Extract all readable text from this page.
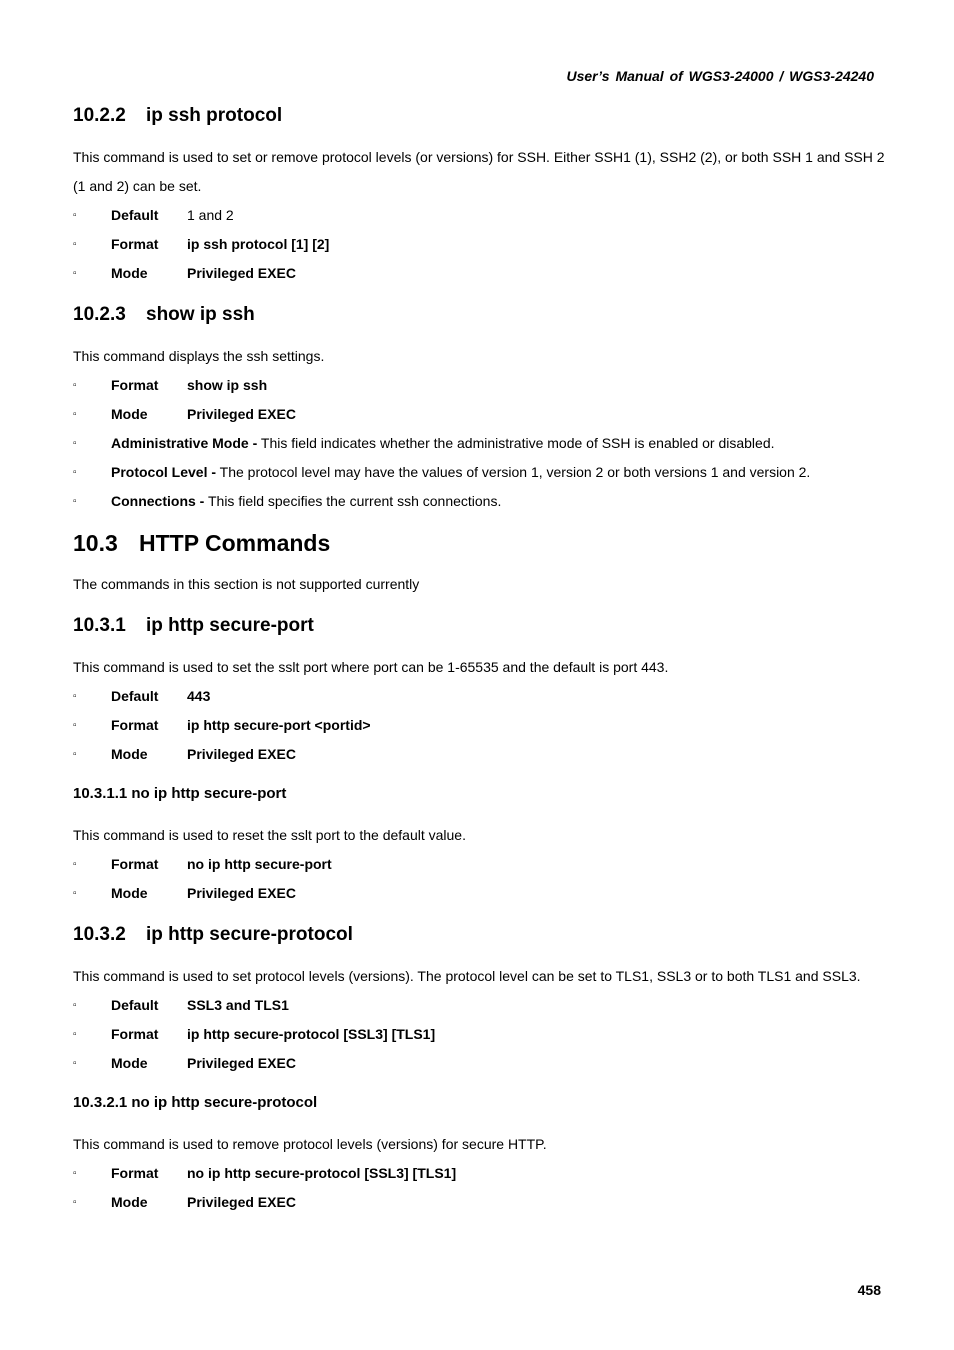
User’s Manual of WGS3-24000 / WGS3-24240
10.2.2 ip ssh protocol

This command is used to set or remove protocol levels (or versions) for SSH. Either SSH1 (1), SSH2 (2), or both SSH 1 and SSH 2 (1 and 2) can be set.

▫ Default 1 and 2
▫ Format ip ssh protocol [1] [2]
▫ Mode	Privileged EXEC
10.2.3 show ip ssh

This command displays the ssh settings.

▫ Format show ip ssh
▫ Mode	Privileged EXEC
▫ Administrative Mode - This field indicates whether the administrative mode of SSH is enabled or disabled.
▫ Protocol Level - The protocol level may have the values of version 1, version 2 or both versions 1 and version 2.
▫ Connections - This field specifies the current ssh connections.
10.3 HTTP Commands

The commands in this section is not supported currently

10.3.1 ip http secure-port

This command is used to set the sslt port where port can be 1-65535 and the default is port 443.

▫ Default 443
▫ Format ip http secure-port <portid>
▫ Mode	Privileged EXEC
10.3.1.1 no ip http secure-port

This command is used to reset the sslt port to the default value.

▫ Format no ip http secure-port
▫ Mode	Privileged EXEC
10.3.2 ip http secure-protocol

This command is used to set protocol levels (versions). The protocol level can be set to TLS1, SSL3 or to both TLS1 and SSL3.

▫ Default SSL3 and TLS1
▫ Format ip http secure-protocol [SSL3] [TLS1]
▫ Mode	Privileged EXEC
10.3.2.1 no ip http secure-protocol

This command is used to remove protocol levels (versions) for secure HTTP.

▫ Format no ip http secure-protocol [SSL3] [TLS1]
▫ Mode	Privileged EXEC
458
